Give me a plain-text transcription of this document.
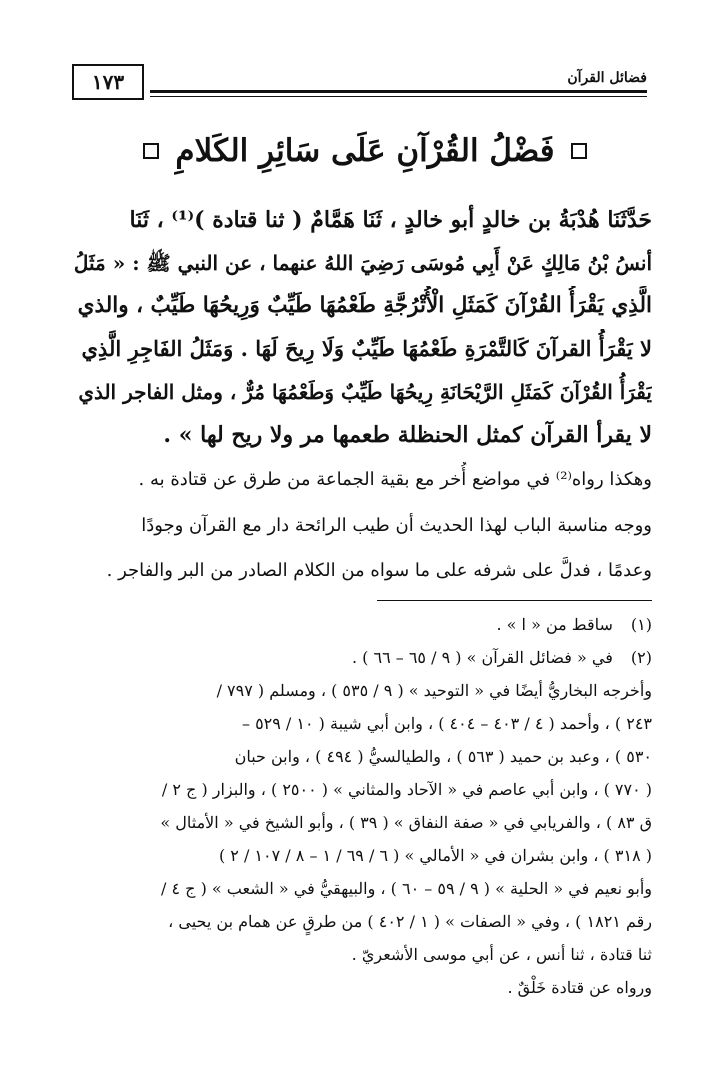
فضائل القرآن
١٧٣
فَضْلُ القُرْآنِ عَلَى سَائِرِ الكَلامِ
حَدَّثَنَا هُدْبَةُ بن خالدٍ أبو خالدٍ ، ثَنَا هَمَّامٌ ( ثنا قتادة )⁽¹⁾ ، ثَنَا
أنسُ بْنُ مَالِكٍ عَنْ أَبِي مُوسَى رَضِيَ اللهُ عنهما ، عن النبي ﷺ : « مَثَلُ
الَّذِي يَقْرَأُ القُرْآنَ كَمَثَلِ الْأُتْرُجَّةِ طَعْمُهَا طَيِّبٌ وَرِيحُهَا طَيِّبٌ ، والذي
لا يَقْرَأُ القرآنَ كَالتَّمْرَةِ طَعْمُهَا طَيِّبٌ وَلَا رِيحَ لَهَا . وَمَثَلُ الفَاجِرِ الَّذِي
يَقْرَأُ القُرْآنَ كَمَثَلِ الرَّيْحَانَةِ رِيحُهَا طَيِّبٌ وَطَعْمُهَا مُرٌّ ، ومثل الفاجر الذي
لا يقرأ القرآن كمثل الحنظلة طعمها مر ولا ريح لها » .
وهكذا رواه⁽²⁾ في مواضع أُخر مع بقية الجماعة من طرق عن قتادة به .
ووجه مناسبة الباب لهذا الحديث أن طيب الرائحة دار مع القرآن وجودًا
وعدمًا ، فدلَّ على شرفه على ما سواه من الكلام الصادر من البر والفاجر .
(١) ساقط من « ا » .
(٢) في « فضائل القرآن » ( ٩ / ٦٥ – ٦٦ ) .
وأخرجه البخاريُّ أيضًا في « التوحيد » ( ٩ / ٥٣٥ ) ، ومسلم ( ٧٩٧ /
٢٤٣ ) ، وأحمد ( ٤ / ٤٠٣ – ٤٠٤ ) ، وابن أبي شيبة ( ١٠ / ٥٢٩ –
٥٣٠ ) ، وعبد بن حميد ( ٥٦٣ ) ، والطيالسيُّ ( ٤٩٤ ) ، وابن حبان
( ٧٧٠ ) ، وابن أبي عاصم في « الآحاد والمثاني » ( ٢٥٠٠ ) ، والبزار ( ج ٢ /
ق ٨٣ ) ، والفريابي في « صفة النفاق » ( ٣٩ ) ، وأبو الشيخ في « الأمثال »
( ٣١٨ ) ، وابن بشران في « الأمالي » ( ٦ / ٦٩ / ١ – ٨ / ١٠٧ / ٢ )
وأبو نعيم في « الحلية » ( ٩ / ٥٩ – ٦٠ ) ، والبيهقيُّ في « الشعب » ( ج ٤ /
رقم ١٨٢١ ) ، وفي « الصفات » ( ١ / ٤٠٢ ) من طرقٍ عن همام بن يحيى ،
ثنا قتادة ، ثنا أنس ، عن أبي موسى الأشعريّ .
ورواه عن قتادة خَلْقٌ .
